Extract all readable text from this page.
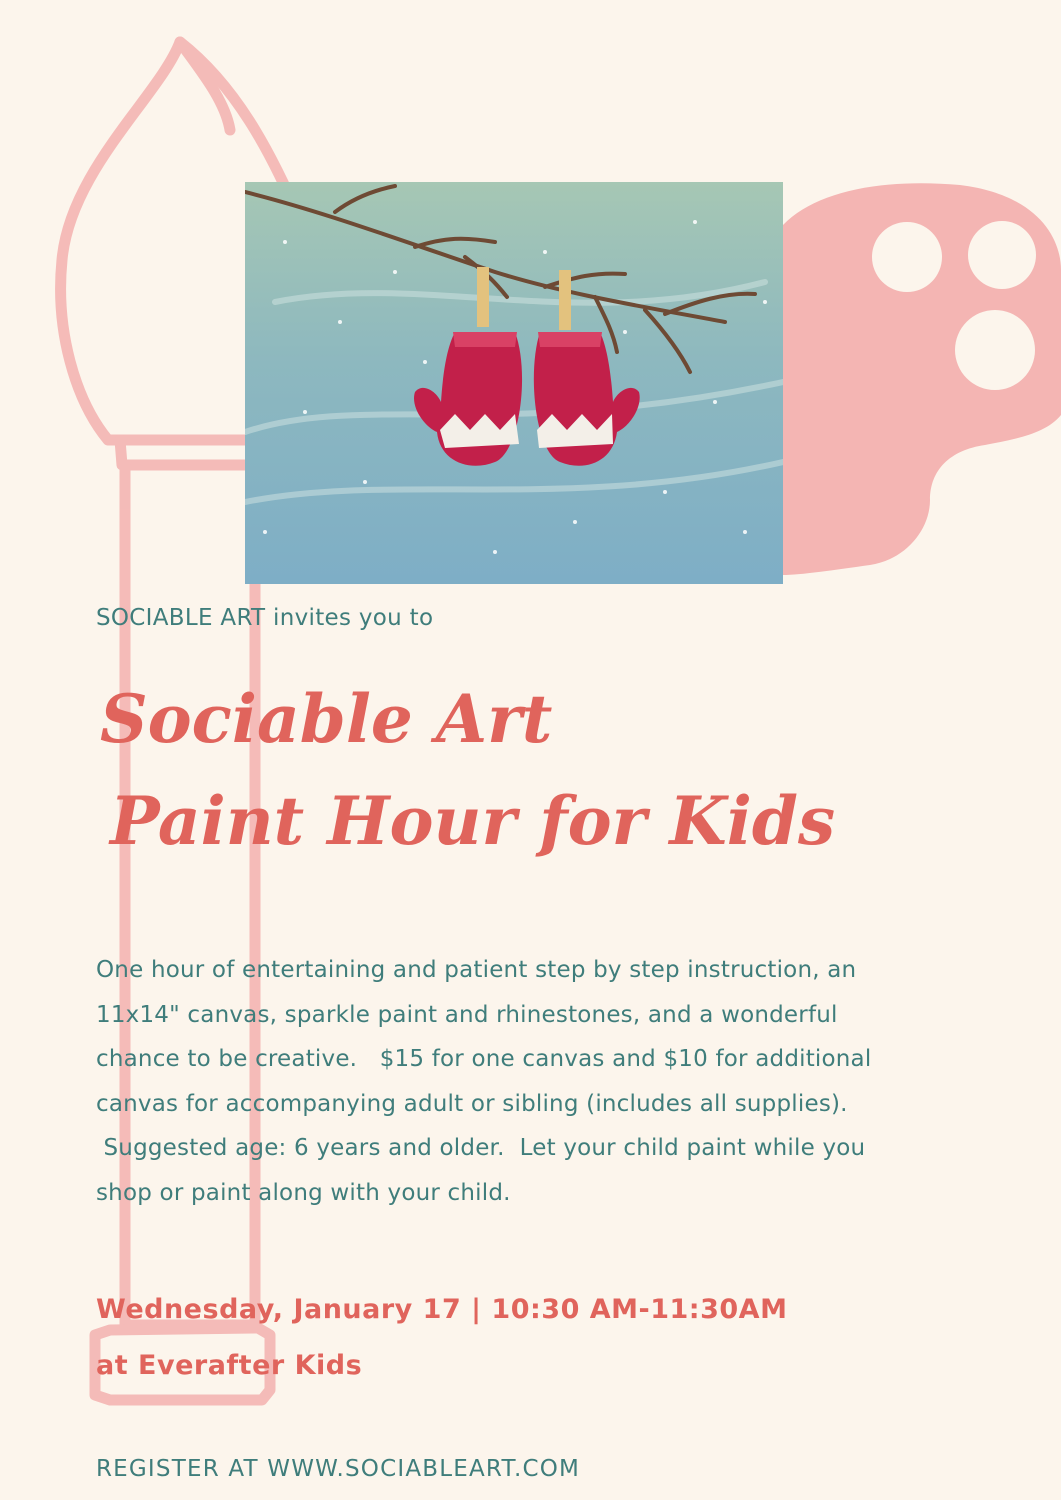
SOCIABLE ART invites you to

Sociable Art
Paint Hour for Kids
One hour of entertaining and patient step by step instruction, an
11x14" canvas, sparkle paint and rhinestones, and a wonderful
chance to be creative.   $15 for one canvas and $10 for additional
canvas for accompanying adult or sibling (includes all supplies).
Suggested age: 6 years and older.  Let your child paint while you
shop or paint along with your child.
Wednesday, January 17 | 10:30 AM-11:30AM
at Everafter Kids

REGISTER AT WWW.SOCIABLEART.COM
